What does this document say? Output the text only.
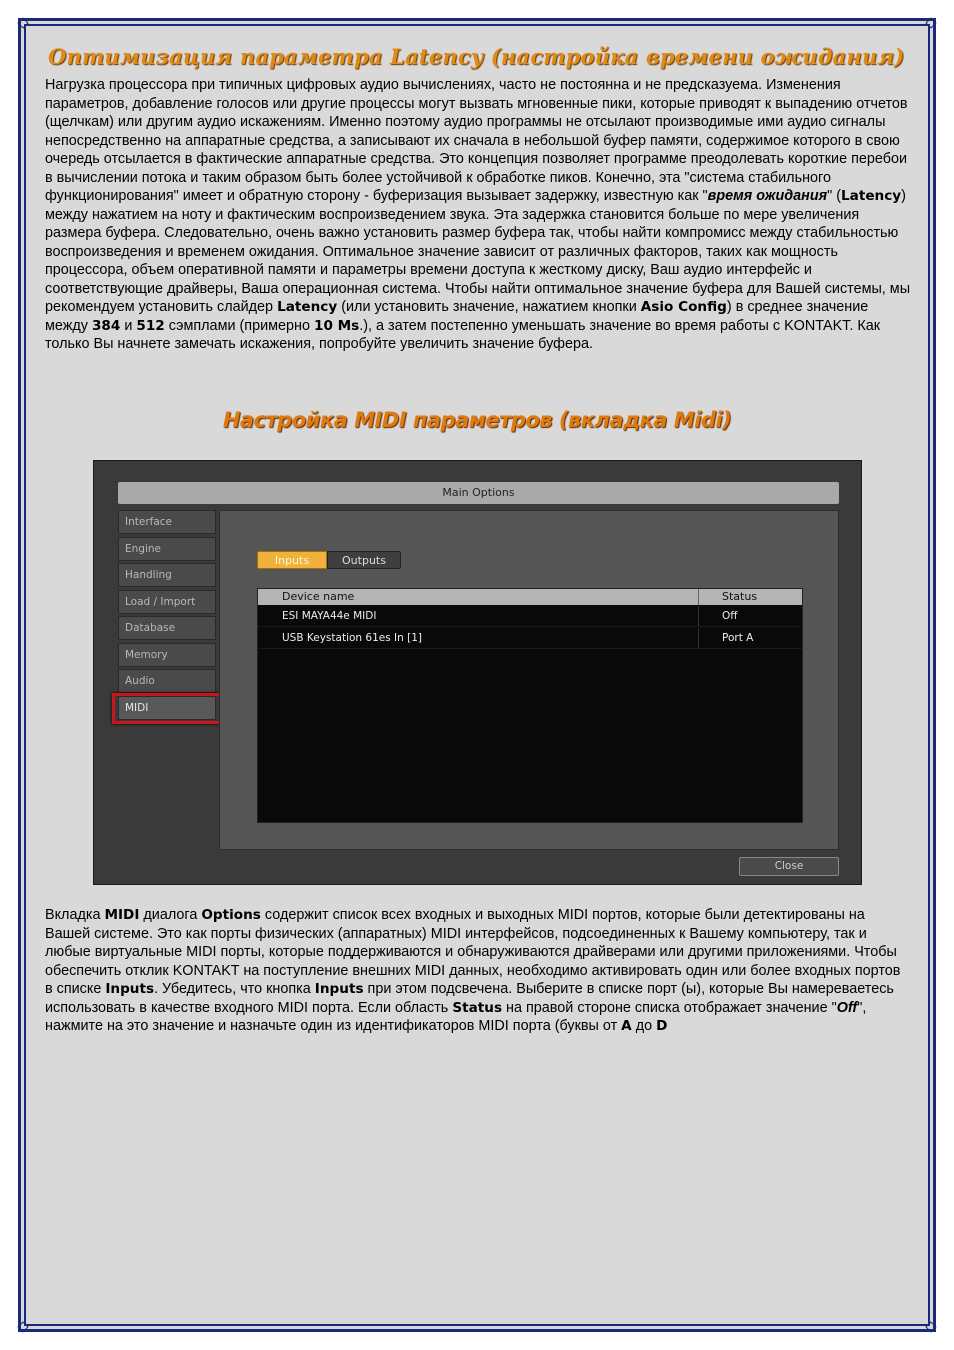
Оптимизация параметра Latency (настройка времени ожидания)

Нагрузка процессора при типичных цифровых аудио вычислениях, часто не постоянна и не предсказуема. Изменения параметров, добавление голосов или другие процессы могут вызвать мгновенные пики, которые приводят к выпадению отчетов (щелчкам) или другим аудио искажениям. Именно поэтому аудио программы не отсылают производимые ими аудио сигналы непосредственно на аппаратные средства, а записывают их сначала в небольшой буфер памяти, содержимое которого в свою очередь отсылается в фактические аппаратные средства. Это концепция позволяет программе преодолевать короткие перебои в вычислении потока и таким образом быть более устойчивой к обработке пиков. Конечно, эта "система стабильного функционирования" имеет и обратную сторону - буферизация вызывает задержку, известную как "время ожидания" (Latency) между нажатием на ноту и фактическим воспроизведением звука. Эта задержка становится больше по мере увеличения размера буфера. Следовательно, очень важно установить размер буфера так, чтобы найти компромисс между стабильностью воспроизведения и временем ожидания. Оптимальное значение зависит от различных факторов, таких как мощность процессора, объем оперативной памяти и параметры времени доступа к жесткому диску, Ваш аудио интерфейс и соответствующие драйверы, Ваша операционная система. Чтобы найти оптимальное значение буфера для Вашей системы, мы рекомендуем установить слайдер Latency (или установить значение, нажатием кнопки Asio Config) в среднее значение между 384 и 512 сэмплами (примерно 10 Ms.), а затем постепенно уменьшать значение во время работы с KONTAKT. Как только Вы начнете замечать искажения, попробуйте увеличить значение буфера.

Настройка MIDI параметров (вкладка Midi)
Main Options
Interface
Engine
Handling
Load / Import
Database
Memory
Audio
MIDI
Inputs	Outputs
Device name	Status
ESI MAYA44e MIDI	Off
USB Keystation 61es In [1]	Port A
Close

Вкладка MIDI диалога Options содержит список всех входных и выходных MIDI портов, которые были детектированы на Вашей системе. Это как порты физических (аппаратных) MIDI интерфейсов, подсоединенных к Вашему компьютеру, так и любые виртуальные MIDI порты, которые поддерживаются и обнаруживаются драйверами или другими приложениями. Чтобы обеспечить отклик KONTAKT на поступление внешних MIDI данных, необходимо активировать один или более входных портов в списке Inputs. Убедитесь, что кнопка Inputs при этом подсвечена. Выберите в списке порт (ы), которые Вы намереваетесь использовать в качестве входного MIDI порта. Если область Status на правой стороне списка отображает значение "Off", нажмите на это значение и назначьте один из идентификаторов MIDI порта (буквы от A до D
